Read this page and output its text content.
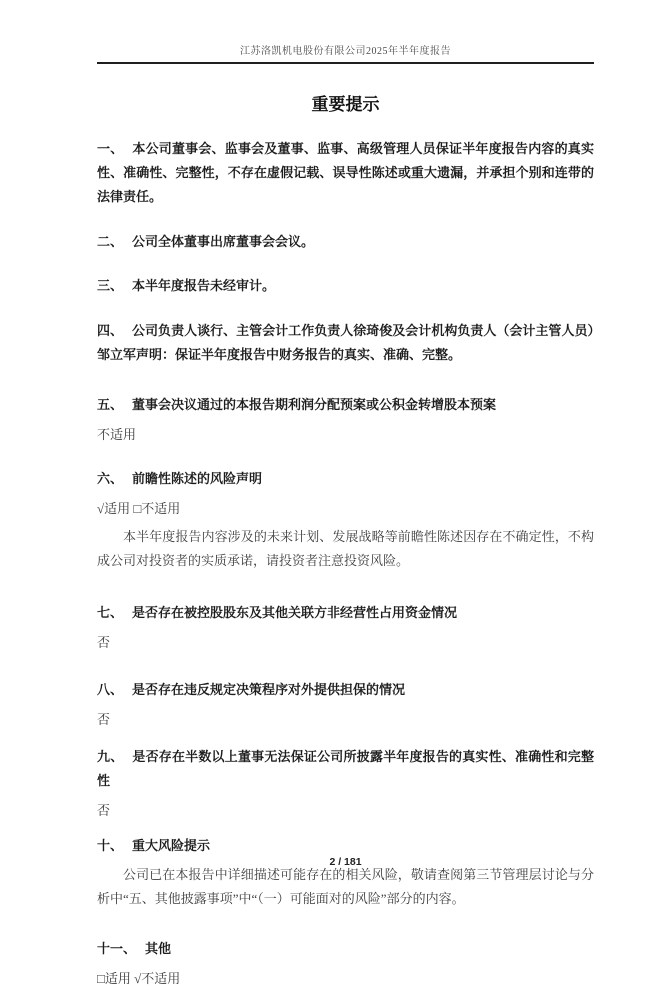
江苏洛凯机电股份有限公司2025年半年度报告
重要提示

一、 本公司董事会、监事会及董事、监事、高级管理人员保证半年度报告内容的真实性、准确性、完整性，不存在虚假记载、误导性陈述或重大遗漏，并承担个别和连带的法律责任。

二、 公司全体董事出席董事会会议。

三、 本半年度报告未经审计。

四、 公司负责人谈行、主管会计工作负责人徐琦俊及会计机构负责人（会计主管人员）邹立军声明：保证半年度报告中财务报告的真实、准确、完整。

五、 董事会决议通过的本报告期利润分配预案或公积金转增股本预案

不适用

六、 前瞻性陈述的风险声明

√适用 □不适用

本半年度报告内容涉及的未来计划、发展战略等前瞻性陈述因存在不确定性，不构成公司对投资者的实质承诺，请投资者注意投资风险。

七、 是否存在被控股股东及其他关联方非经营性占用资金情况

否

八、 是否存在违反规定决策程序对外提供担保的情况

否

九、 是否存在半数以上董事无法保证公司所披露半年度报告的真实性、准确性和完整性

否

十、 重大风险提示

公司已在本报告中详细描述可能存在的相关风险，敬请查阅第三节管理层讨论与分析中“五、其他披露事项”中“（一）可能面对的风险”部分的内容。

十一、 其他

□适用 √不适用

2 / 181
